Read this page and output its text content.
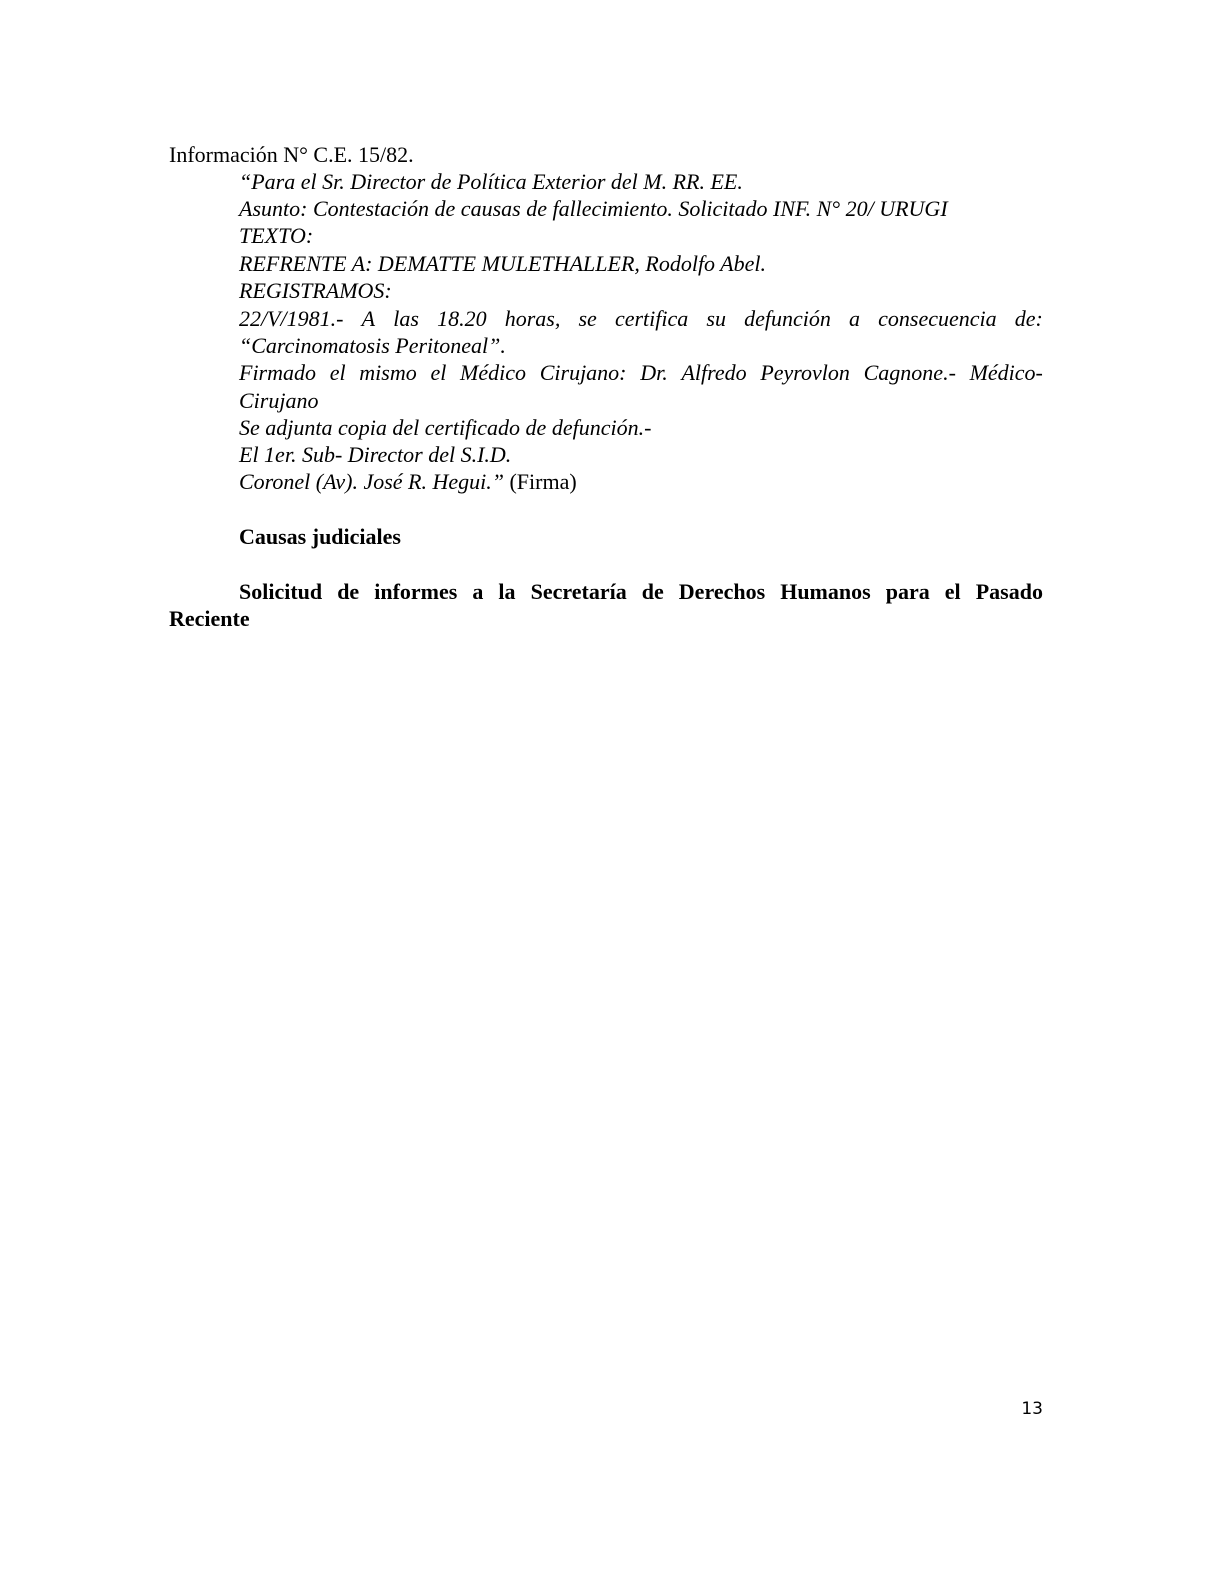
Información N° C.E. 15/82.
“Para el Sr. Director de Política Exterior del M. RR. EE.
Asunto: Contestación de causas de fallecimiento. Solicitado INF. N° 20/ URUGI
TEXTO:
REFRENTE A: DEMATTE MULETHALLER, Rodolfo Abel.
REGISTRAMOS:
22/V/1981.- A las 18.20 horas, se certifica su defunción a consecuencia de:
“Carcinomatosis Peritoneal”.
Firmado el mismo el Médico Cirujano: Dr. Alfredo Peyrovlon Cagnone.- Médico-
Cirujano
Se adjunta copia del certificado de defunción.-
El 1er. Sub- Director del S.I.D.
Coronel (Av). José R. Hegui.” (Firma)
Causas judiciales
Solicitud de informes a la Secretaría de Derechos Humanos para el Pasado
Reciente
13
